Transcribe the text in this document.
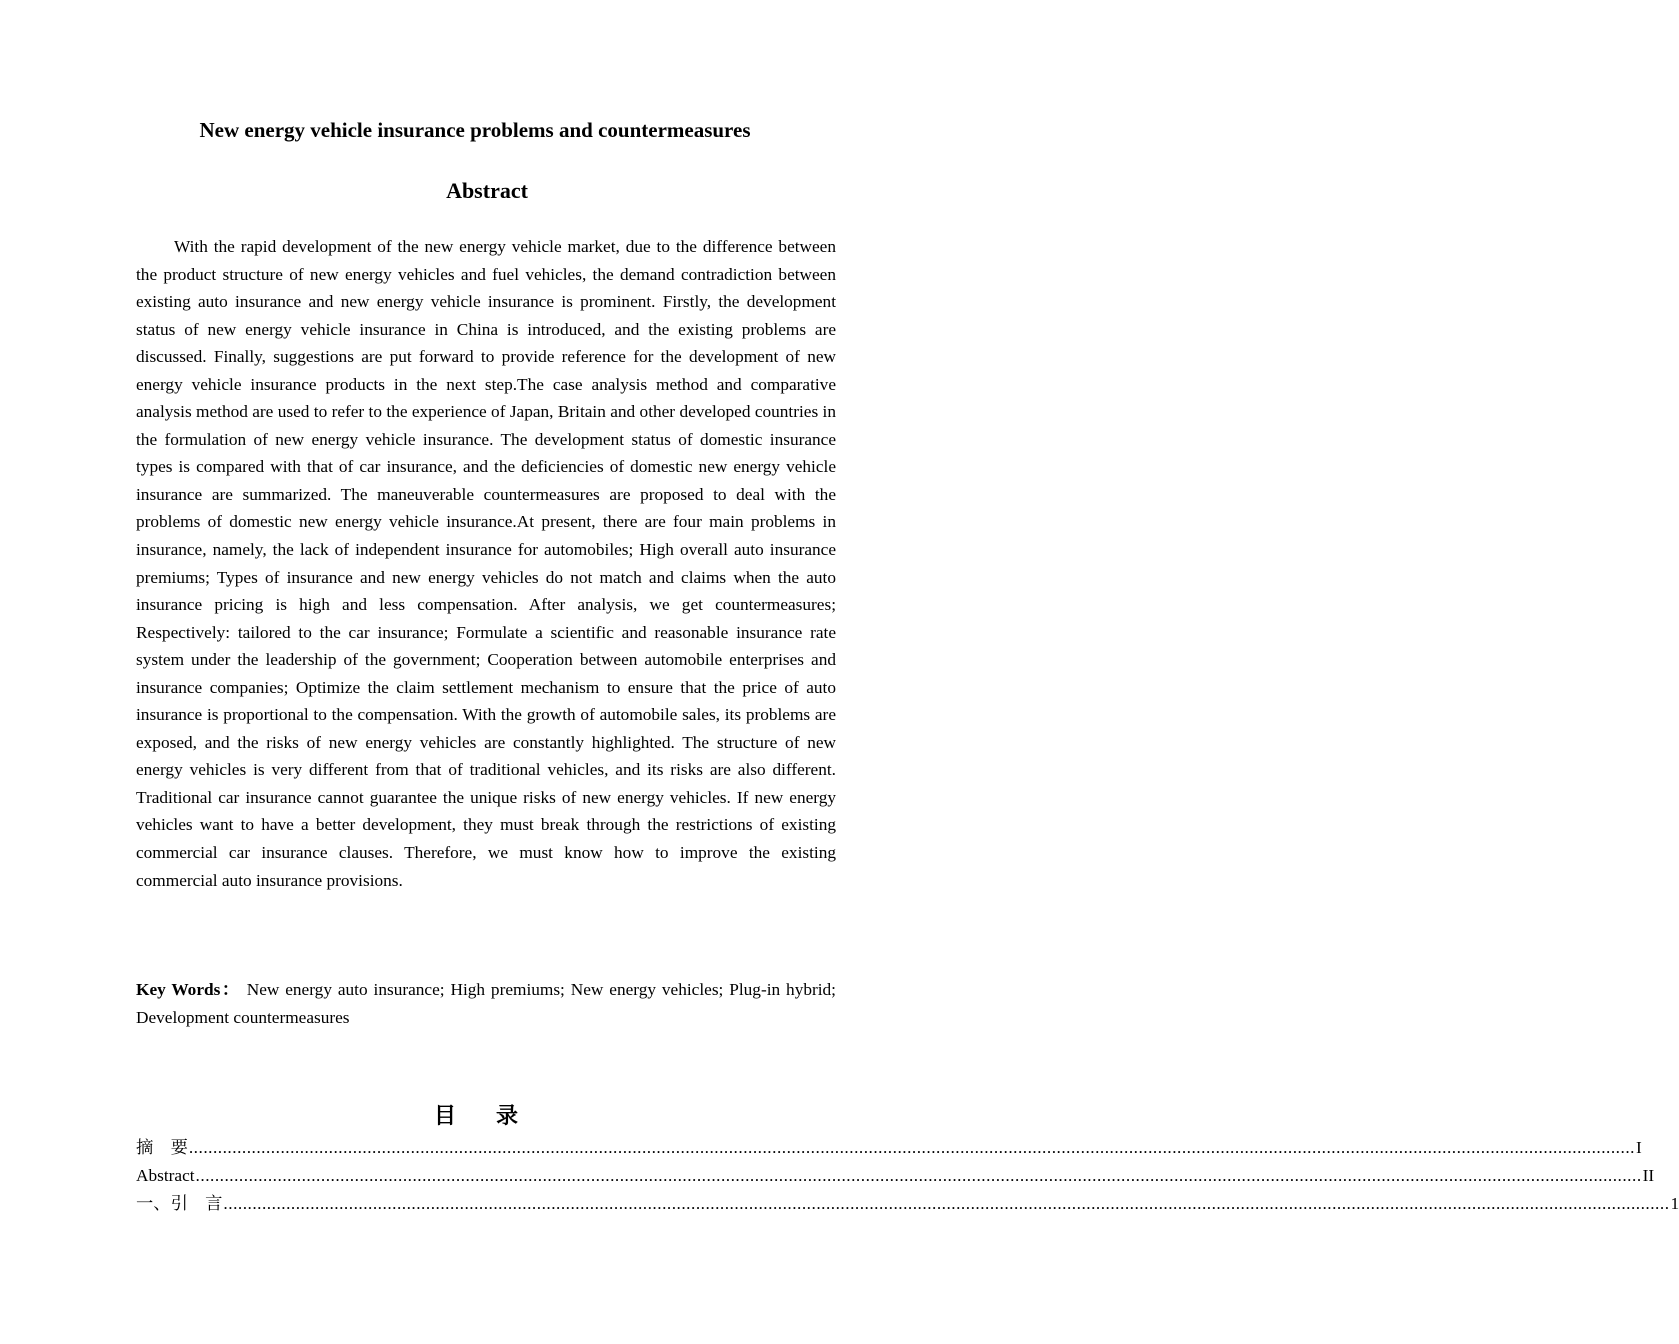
New energy vehicle insurance problems and countermeasures
Abstract

With the rapid development of the new energy vehicle market, due to the difference between the product structure of new energy vehicles and fuel vehicles, the demand contradiction between existing auto insurance and new energy vehicle insurance is prominent. Firstly, the development status of new energy vehicle insurance in China is introduced, and the existing problems are discussed. Finally, suggestions are put forward to provide reference for the development of new energy vehicle insurance products in the next step.The case analysis method and comparative analysis method are used to refer to the experience of Japan, Britain and other developed countries in the formulation of new energy vehicle insurance. The development status of domestic insurance types is compared with that of car insurance, and the deficiencies of domestic new energy vehicle insurance are summarized. The maneuverable countermeasures are proposed to deal with the problems of domestic new energy vehicle insurance.At present, there are four main problems in insurance, namely, the lack of independent insurance for automobiles; High overall auto insurance premiums; Types of insurance and new energy vehicles do not match and claims when the auto insurance pricing is high and less compensation. After analysis, we get countermeasures; Respectively: tailored to the car insurance; Formulate a scientific and reasonable insurance rate system under the leadership of the government; Cooperation between automobile enterprises and insurance companies; Optimize the claim settlement mechanism to ensure that the price of auto insurance is proportional to the compensation. With the growth of automobile sales, its problems are exposed, and the risks of new energy vehicles are constantly highlighted. The structure of new energy vehicles is very different from that of traditional vehicles, and its risks are also different. Traditional car insurance cannot guarantee the unique risks of new energy vehicles. If new energy vehicles want to have a better development, they must break through the restrictions of existing commercial car insurance clauses. Therefore, we must know how to improve the existing commercial auto insurance provisions.

Key Words： New energy auto insurance; High premiums; New energy vehicles; Plug-in hybrid; Development countermeasures

目录
摘　要 ............................................................................................................................................................................................................................................................................................................ I
Abstract ............................................................................................................................................................................................................................................................................................................ II
一、引　言 ............................................................................................................................................................................................................................................................................................................ 1
